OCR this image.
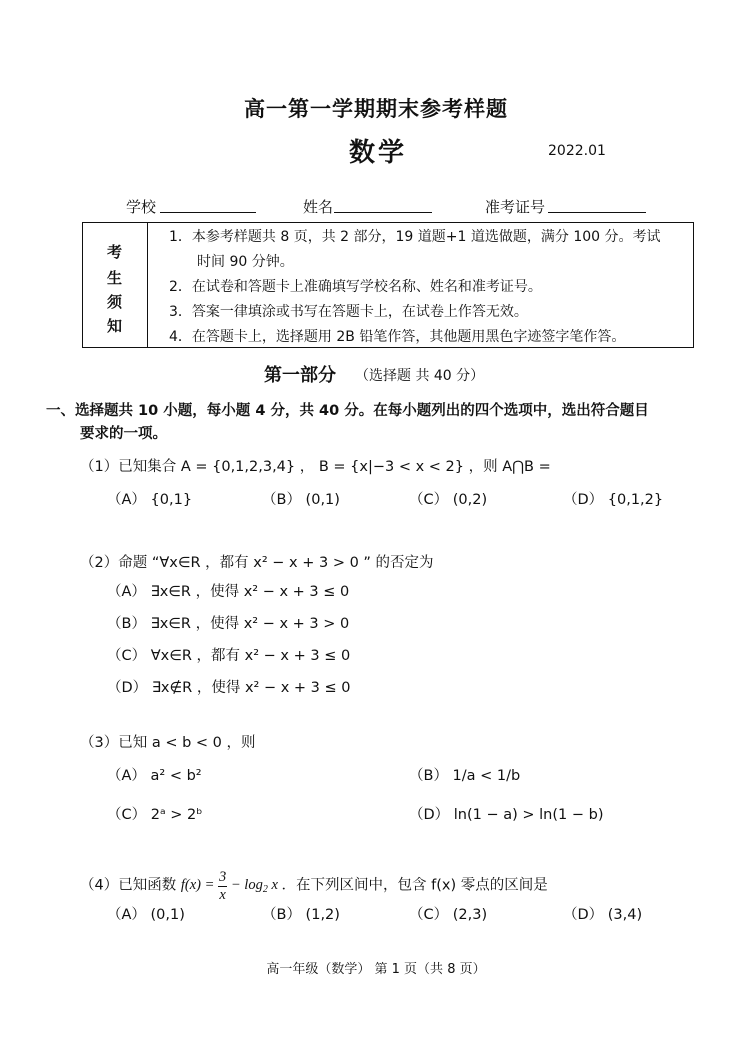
高一第一学期期末参考样题
数学	2022.01
学校	姓名	准考证号
考
生
须
知
1．本参考样题共 8 页，共 2 部分，19 道题+1 道选做题，满分 100 分。考试
时间 90 分钟。
2．在试卷和答题卡上准确填写学校名称、姓名和准考证号。
3．答案一律填涂或书写在答题卡上，在试卷上作答无效。
4．在答题卡上，选择题用 2B 铅笔作答，其他题用黑色字迹签字笔作答。
第一部分 （选择题 共 40 分）
一、选择题共 10 小题，每小题 4 分，共 40 分。在每小题列出的四个选项中，选出符合题目
要求的一项。
（1）已知集合 A = {0,1,2,3,4} ， B = {x|−3 < x < 2} ，则 A⋂B =
（A） {0,1}	（B） (0,1)	（C） (0,2)	（D） {0,1,2}
（2）命题 “∀x∈R ，都有 x² − x + 3 > 0 ” 的否定为
（A） ∃x∈R ，使得 x² − x + 3 ≤ 0
（B） ∃x∈R ，使得 x² − x + 3 > 0
（C） ∀x∈R ，都有 x² − x + 3 ≤ 0
（D） ∃x∉R ，使得 x² − x + 3 ≤ 0
（3）已知 a < b < 0 ，则
（A） a² < b²	（B） 1/a < 1/b
（C） 2ᵃ > 2ᵇ	（D） ln(1 − a) > ln(1 − b)
（4）已知函数 $f(x) = \frac{3}{x} - \log_2 x$ ．在下列区间中，包含 f(x) 零点的区间是
（A） (0,1)	（B） (1,2)	（C） (2,3)	（D） (3,4)
高一年级（数学） 第 1 页（共 8 页）
